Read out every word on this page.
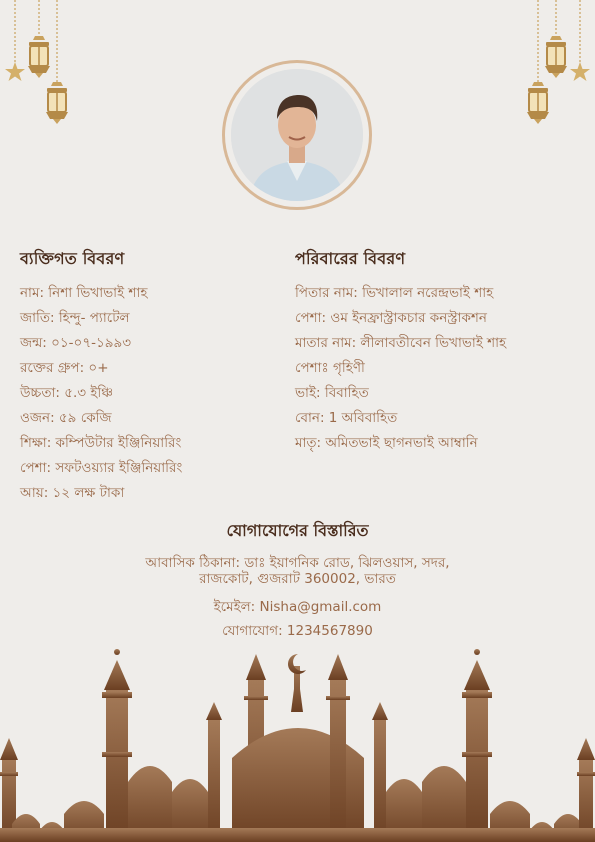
ব্যক্তিগত বিবরণ
নাম: নিশা ভিখাভাই শাহ
জাতি: হিন্দু- প্যাটেল
জন্ম: ০১-০৭-১৯৯৩
রক্তের গ্রুপ: ০+
উচ্চতা: ৫.৩ ইঞ্চি
ওজন: ৫৯ কেজি
শিক্ষা: কম্পিউটার ইঞ্জিনিয়ারিং
পেশা: সফটওয়্যার ইঞ্জিনিয়ারিং
আয়: ১২ লক্ষ টাকা
পরিবারের বিবরণ
পিতার নাম: ভিখালাল নরেন্দ্রভাই শাহ
পেশা: ওম ইনফ্রাস্ট্রাকচার কনস্ট্রাকশন
মাতার নাম: লীলাবতীবেন ভিখাভাই শাহ
পেশাঃ গৃহিণী
ভাই: বিবাহিত
বোন: 1 অবিবাহিত
মাতৃ: অমিতভাই ছাগনভাই আম্বানি
যোগাযোগের বিস্তারিত
আবাসিক ঠিকানা: ডাঃ ইয়াগনিক রোড, ঝিলওয়াস, সদর,
রাজকোট, গুজরাট 360002, ভারত
ইমেইল: Nisha@gmail.com
যোগাযোগ: 1234567890
